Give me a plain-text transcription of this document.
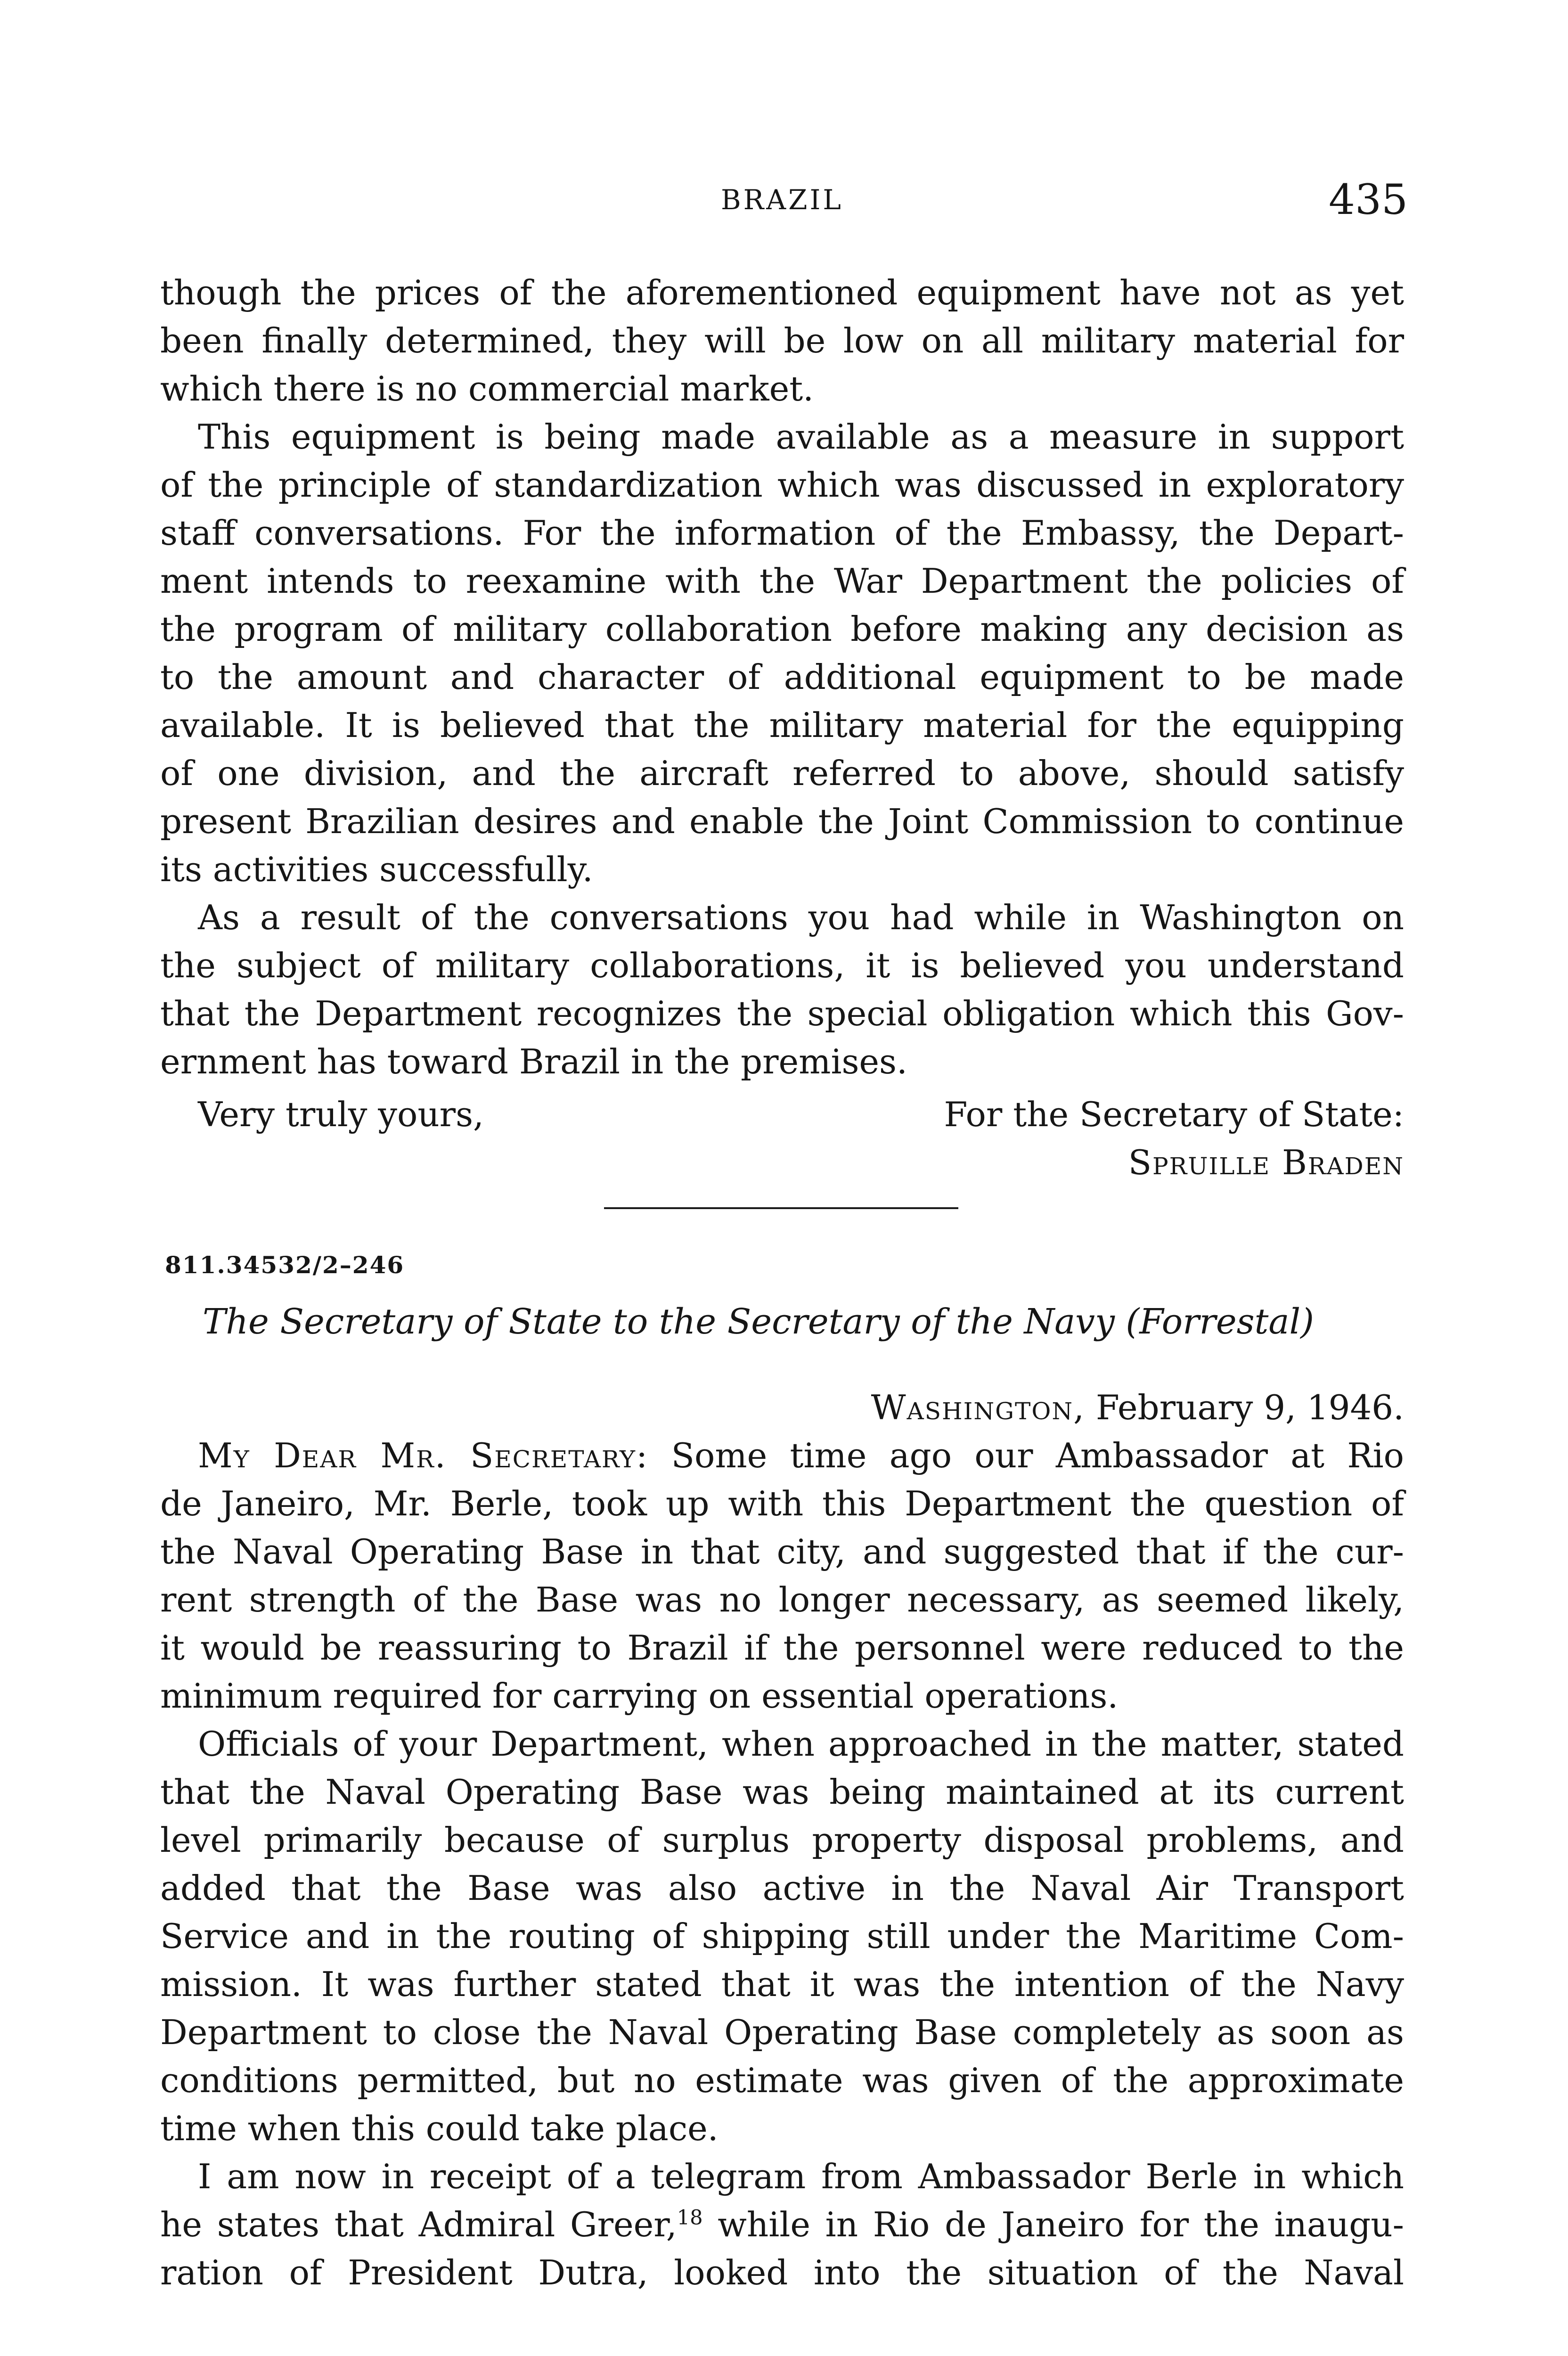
BRAZIL	435
though the prices of the aforementioned equipment have not as yet
been finally determined, they will be low on all military material for
which there is no commercial market.
This equipment is being made available as a measure in support
of the principle of standardization which was discussed in exploratory
staff conversations. For the information of the Embassy, the Depart-
ment intends to reexamine with the War Department the policies of
the program of military collaboration before making any decision as
to the amount and character of additional equipment to be made
available. It is believed that the military material for the equipping
of one division, and the aircraft referred to above, should satisfy
present Brazilian desires and enable the Joint Commission to continue
its activities successfully.
As a result of the conversations you had while in Washington on
the subject of military collaborations, it is believed you understand
that the Department recognizes the special obligation which this Gov-
ernment has toward Brazil in the premises.
Very truly yours,	For the Secretary of State:
Spruille Braden
811.34532/2–246
The Secretary of State to the Secretary of the Navy (Forrestal)
Washington, February 9, 1946.
My Dear Mr. Secretary: Some time ago our Ambassador at Rio
de Janeiro, Mr. Berle, took up with this Department the question of
the Naval Operating Base in that city, and suggested that if the cur-
rent strength of the Base was no longer necessary, as seemed likely,
it would be reassuring to Brazil if the personnel were reduced to the
minimum required for carrying on essential operations.
Officials of your Department, when approached in the matter, stated
that the Naval Operating Base was being maintained at its current
level primarily because of surplus property disposal problems, and
added that the Base was also active in the Naval Air Transport
Service and in the routing of shipping still under the Maritime Com-
mission. It was further stated that it was the intention of the Navy
Department to close the Naval Operating Base completely as soon as
conditions permitted, but no estimate was given of the approximate
time when this could take place.
I am now in receipt of a telegram from Ambassador Berle in which
he states that Admiral Greer,$^{18}$ while in Rio de Janeiro for the inaugu-
ration of President Dutra, looked into the situation of the Naval
